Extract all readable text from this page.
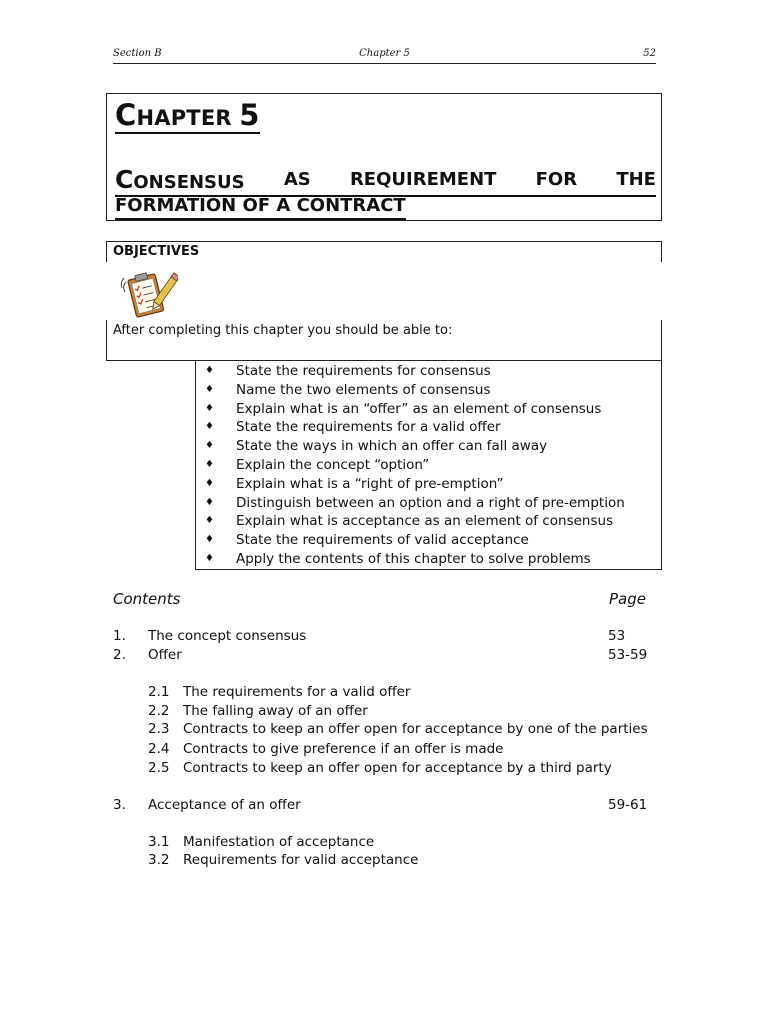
Section B	Chapter 5	52
CHAPTER 5
CONSENSUS AS REQUIREMENT FOR THE
FORMATION OF A CONTRACT
OBJECTIVES
After completing this chapter you should be able to:
♦ State the requirements for consensus
♦ Name the two elements of consensus
♦ Explain what is an “offer” as an element of consensus
♦ State the requirements for a valid offer
♦ State the ways in which an offer can fall away
♦ Explain the concept “option”
♦ Explain what is a “right of pre-emption”
♦ Distinguish between an option and a right of pre-emption
♦ Explain what is acceptance as an element of consensus
♦ State the requirements of valid acceptance
♦ Apply the contents of this chapter to solve problems
Contents	Page
1. The concept consensus	53
2. Offer	53-59
2.1 The requirements for a valid offer
2.2 The falling away of an offer
2.3 Contracts to keep an offer open for acceptance by one of the parties
2.4 Contracts to give preference if an offer is made
2.5 Contracts to keep an offer open for acceptance by a third party
3. Acceptance of an offer	59-61
3.1 Manifestation of acceptance
3.2 Requirements for valid acceptance
